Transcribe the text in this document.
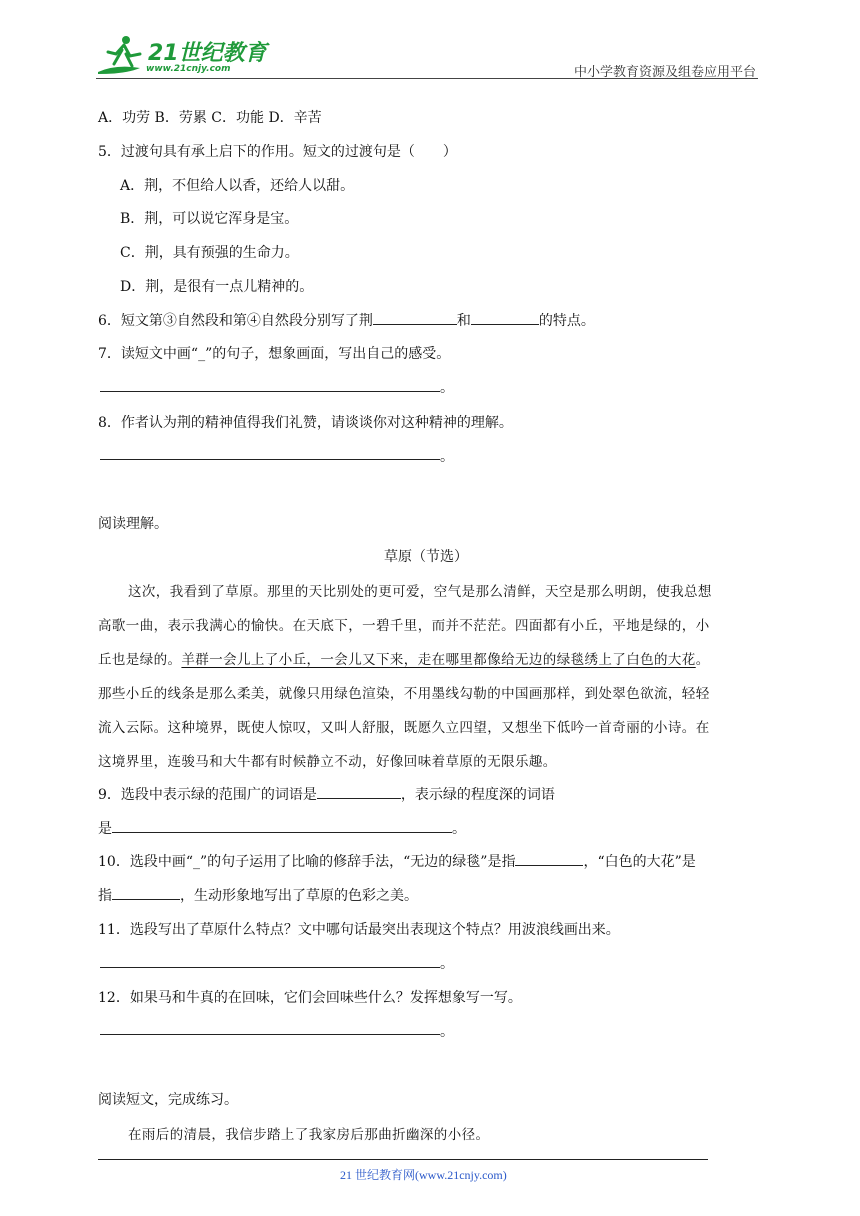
21世纪教育
www.21cnjy.com	中小学教育资源及组卷应用平台
A．功劳 B．劳累 C．功能 D．辛苦
5．过渡句具有承上启下的作用。短文的过渡句是（　　）
A．荆，不但给人以香，还给人以甜。
B．荆，可以说它浑身是宝。
C．荆，具有预强的生命力。
D．荆，是很有一点儿精神的。
6．短文第③自然段和第④自然段分别写了荆	和	的特点。
7．读短文中画“_”的句子，想象画面，写出自己的感受。
。
8．作者认为荆的精神值得我们礼赞，请谈谈你对这种精神的理解。
。
阅读理解。
草原（节选）
这次，我看到了草原。那里的天比别处的更可爱，空气是那么清鲜，天空是那么明朗，使我总想
高歌一曲，表示我满心的愉快。在天底下，一碧千里，而并不茫茫。四面都有小丘，平地是绿的，小
丘也是绿的。羊群一会儿上了小丘，一会儿又下来，走在哪里都像给无边的绿毯绣上了白色的大花。
那些小丘的线条是那么柔美，就像只用绿色渲染，不用墨线勾勒的中国画那样，到处翠色欲流，轻轻
流入云际。这种境界，既使人惊叹，又叫人舒服，既愿久立四望，又想坐下低吟一首奇丽的小诗。在
这境界里，连骏马和大牛都有时候静立不动，好像回味着草原的无限乐趣。
9．选段中表示绿的范围广的词语是	，表示绿的程度深的词语
是	。
10．选段中画“_”的句子运用了比喻的修辞手法，“无边的绿毯”是指	，“白色的大花”是
指	，生动形象地写出了草原的色彩之美。
11．选段写出了草原什么特点？文中哪句话最突出表现这个特点？用波浪线画出来。
。
12．如果马和牛真的在回味，它们会回味些什么？发挥想象写一写。
。
阅读短文，完成练习。
在雨后的清晨，我信步踏上了我家房后那曲折幽深的小径。
21 世纪教育网(www.21cnjy.com)
